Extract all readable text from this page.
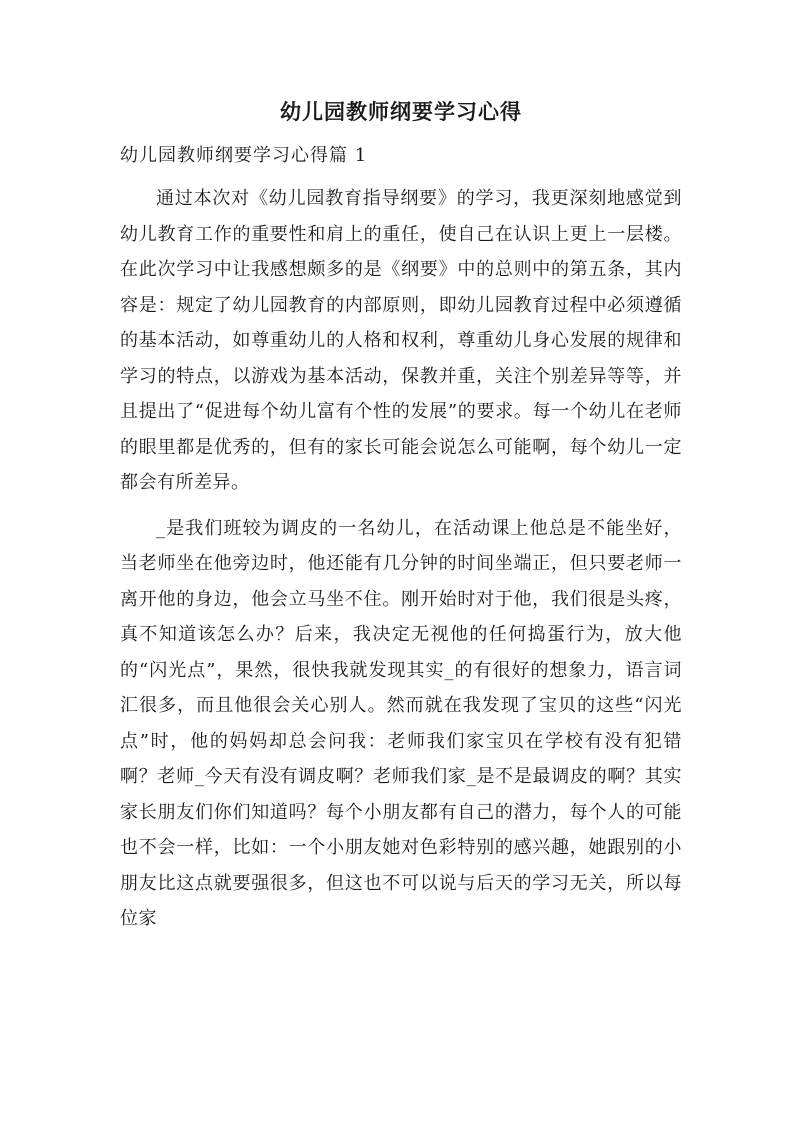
幼儿园教师纲要学习心得

幼儿园教师纲要学习心得篇 1

通过本次对《幼儿园教育指导纲要》的学习，我更深刻地感觉到幼儿教育工作的重要性和肩上的重任，使自己在认识上更上一层楼。在此次学习中让我感想颇多的是《纲要》中的总则中的第五条，其内容是：规定了幼儿园教育的内部原则，即幼儿园教育过程中必须遵循的基本活动，如尊重幼儿的人格和权利，尊重幼儿身心发展的规律和学习的特点，以游戏为基本活动，保教并重，关注个别差异等等，并且提出了“促进每个幼儿富有个性的发展”的要求。每一个幼儿在老师的眼里都是优秀的，但有的家长可能会说怎么可能啊，每个幼儿一定都会有所差异。

_是我们班较为调皮的一名幼儿，在活动课上他总是不能坐好，当老师坐在他旁边时，他还能有几分钟的时间坐端正，但只要老师一离开他的身边，他会立马坐不住。刚开始时对于他，我们很是头疼，真不知道该怎么办？后来，我决定无视他的任何捣蛋行为，放大他的“闪光点”，果然，很快我就发现其实_的有很好的想象力，语言词汇很多，而且他很会关心别人。然而就在我发现了宝贝的这些“闪光点”时，他的妈妈却总会问我：老师我们家宝贝在学校有没有犯错啊？老师_今天有没有调皮啊？老师我们家_是不是最调皮的啊？其实家长朋友们你们知道吗？每个小朋友都有自己的潜力，每个人的可能也不会一样，比如：一个小朋友她对色彩特别的感兴趣，她跟别的小朋友比这点就要强很多，但这也不可以说与后天的学习无关，所以每位家
